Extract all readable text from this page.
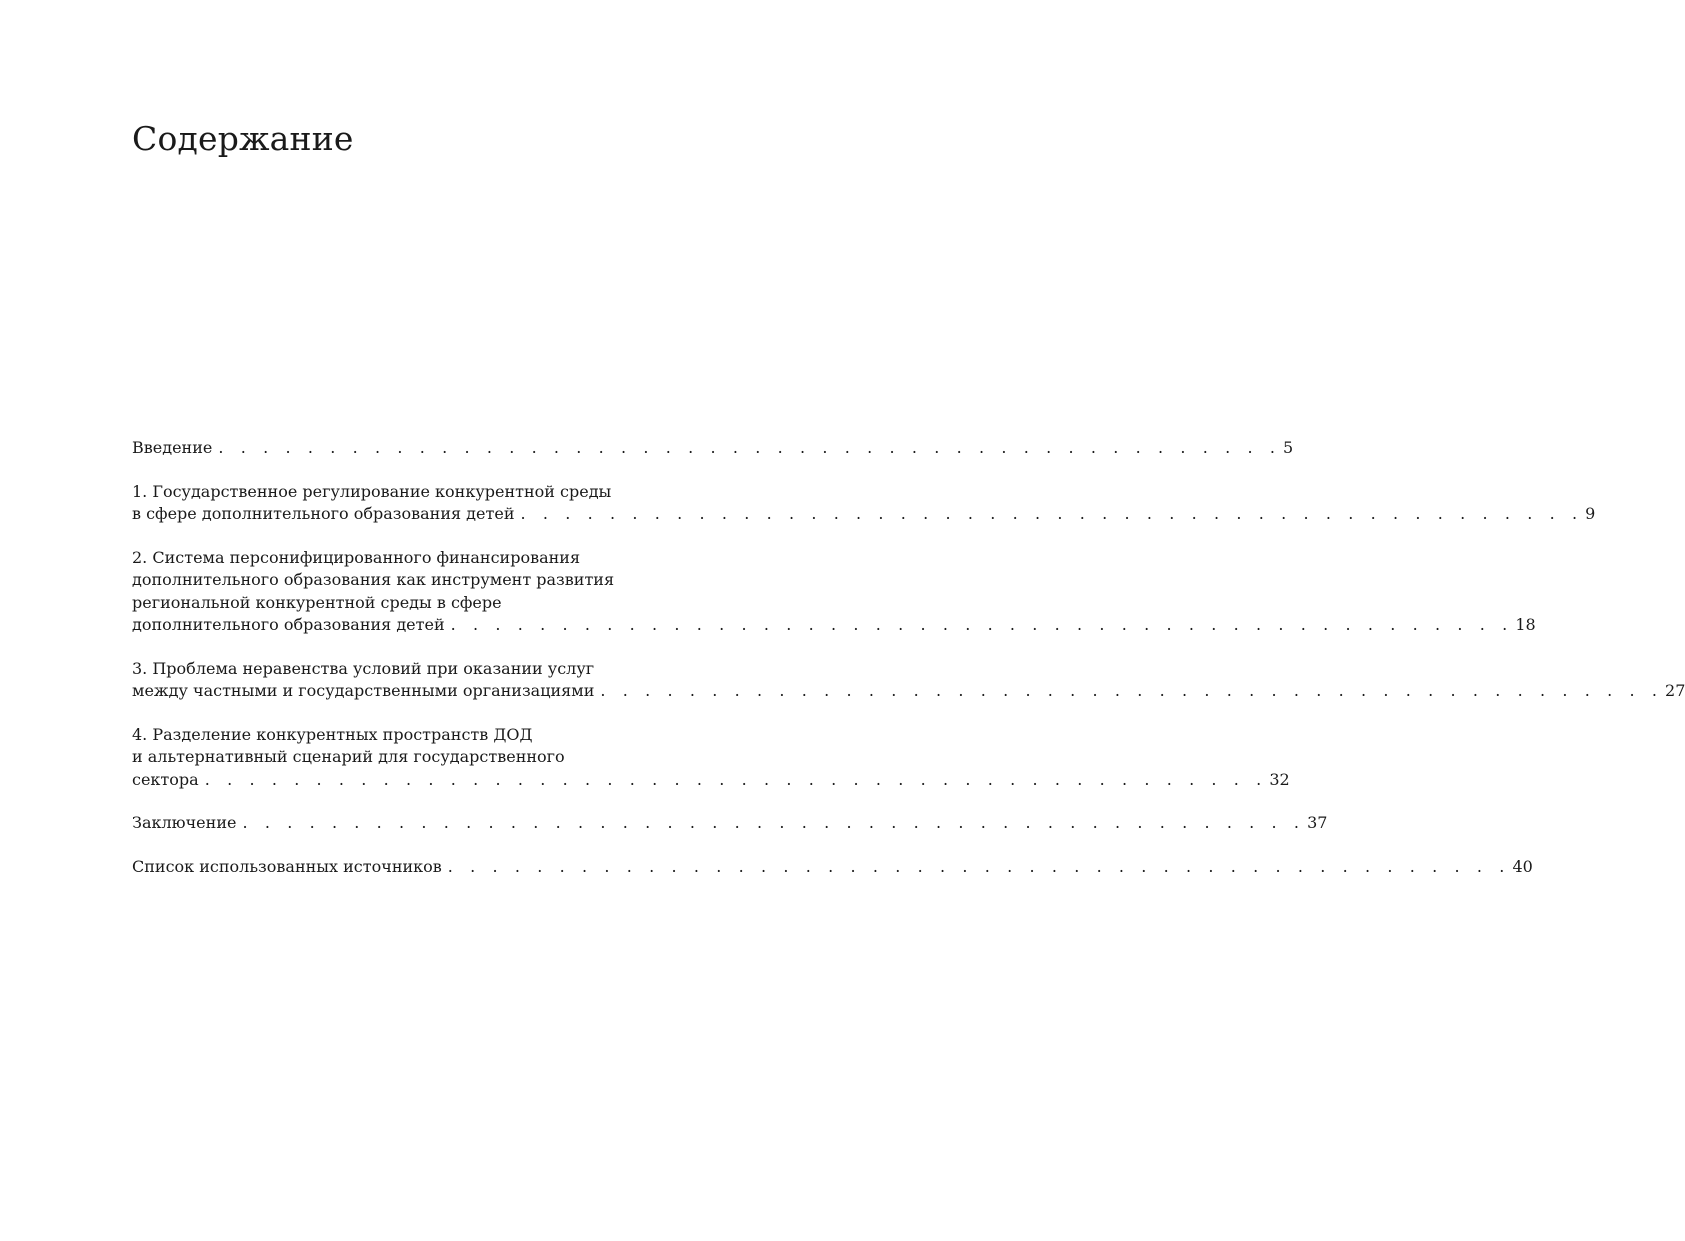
Содержание
Введение . . . . . . . . . . . . . . . . . . . . . . . . . . . . . . . . . . . . . . . . . . . . . . . . 5
1. Государственное регулирование конкурентной среды
в сфере дополнительного образования детей . . . . . . . . . . . . . . . . . . . . . . . . . . . . . . . . . . . . . . . . . . . . . . . . 9
2. Система персонифицированного финансирования
дополнительного образования как инструмент развития
региональной конкурентной среды в сфере
дополнительного образования детей . . . . . . . . . . . . . . . . . . . . . . . . . . . . . . . . . . . . . . . . . . . . . . . . 18
3. Проблема неравенства условий при оказании услуг
между частными и государственными организациями . . . . . . . . . . . . . . . . . . . . . . . . . . . . . . . . . . . . . . . . . . . . . . . . 27
4. Разделение конкурентных пространств ДОД
и альтернативный сценарий для государственного
сектора . . . . . . . . . . . . . . . . . . . . . . . . . . . . . . . . . . . . . . . . . . . . . . . . 32
Заключение . . . . . . . . . . . . . . . . . . . . . . . . . . . . . . . . . . . . . . . . . . . . . . . . 37
Список использованных источников . . . . . . . . . . . . . . . . . . . . . . . . . . . . . . . . . . . . . . . . . . . . . . . . 40
